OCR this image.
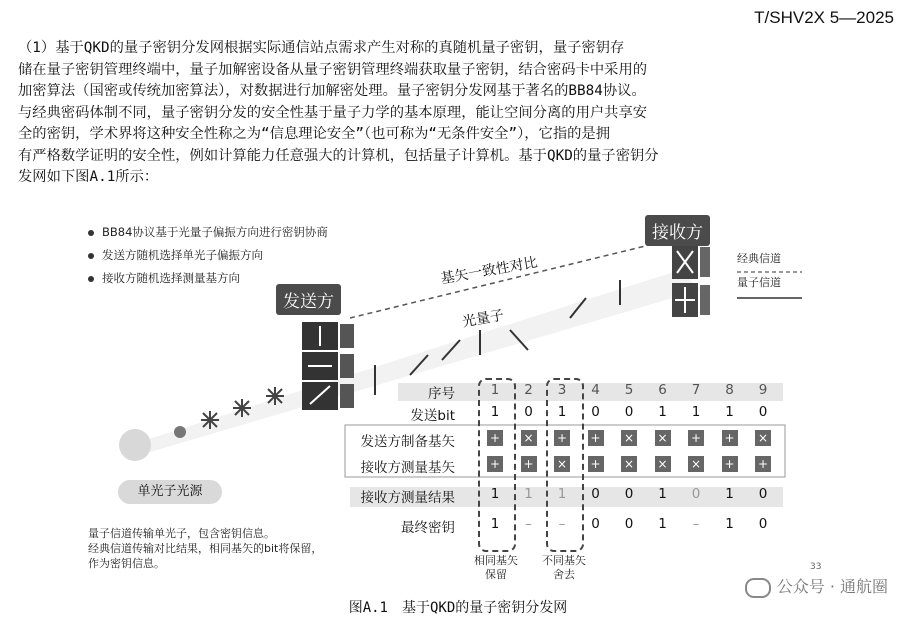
T/SHV2X 5—2025
（1）基于QKD的量子密钥分发网根据实际通信站点需求产生对称的真随机量子密钥，量子密钥存
储在量子密钥管理终端中，量子加解密设备从量子密钥管理终端获取量子密钥，结合密码卡中采用的
加密算法（国密或传统加密算法），对数据进行加解密处理。量子密钥分发网基于著名的BB84协议。
与经典密码体制不同，量子密钥分发的安全性基于量子力学的基本原理，能让空间分离的用户共享安
全的密钥，学术界将这种安全性称之为“信息理论安全”（也可称为“无条件安全”），它指的是拥
有严格数学证明的安全性，例如计算能力任意强大的计算机，包括量子计算机。基于QKD的量子密钥分
发网如下图A.1所示：
BB84协议基于光量子偏振方向进行密钥协商
发送方随机选择单光子偏振方向
接收方随机选择测量基方向
发送方
接收方
基矢一致性对比
光量子
经典信道
量子信道
单光子光源
量子信道传输单光子，包含密钥信息。
经典信道传输对比结果，相同基矢的bit将保留，
作为密钥信息。
序号	1	2	3	4	5	6	7	8	9
发送bit	1	0	1	0	0	1	1	1	0
发送方制备基矢	+	×	+	+	×	×	+	+	×
接收方测量基矢	+	+	×	+	×	×	×	+	+
接收方测量结果	1	1	1	0	0	1	0	1	0
最终密钥	1	–	–	0	0	1	–	1	0
相同基矢
保留
不同基矢
舍去
33
图A.1　基于QKD的量子密钥分发网
公众号 · 通航圈
